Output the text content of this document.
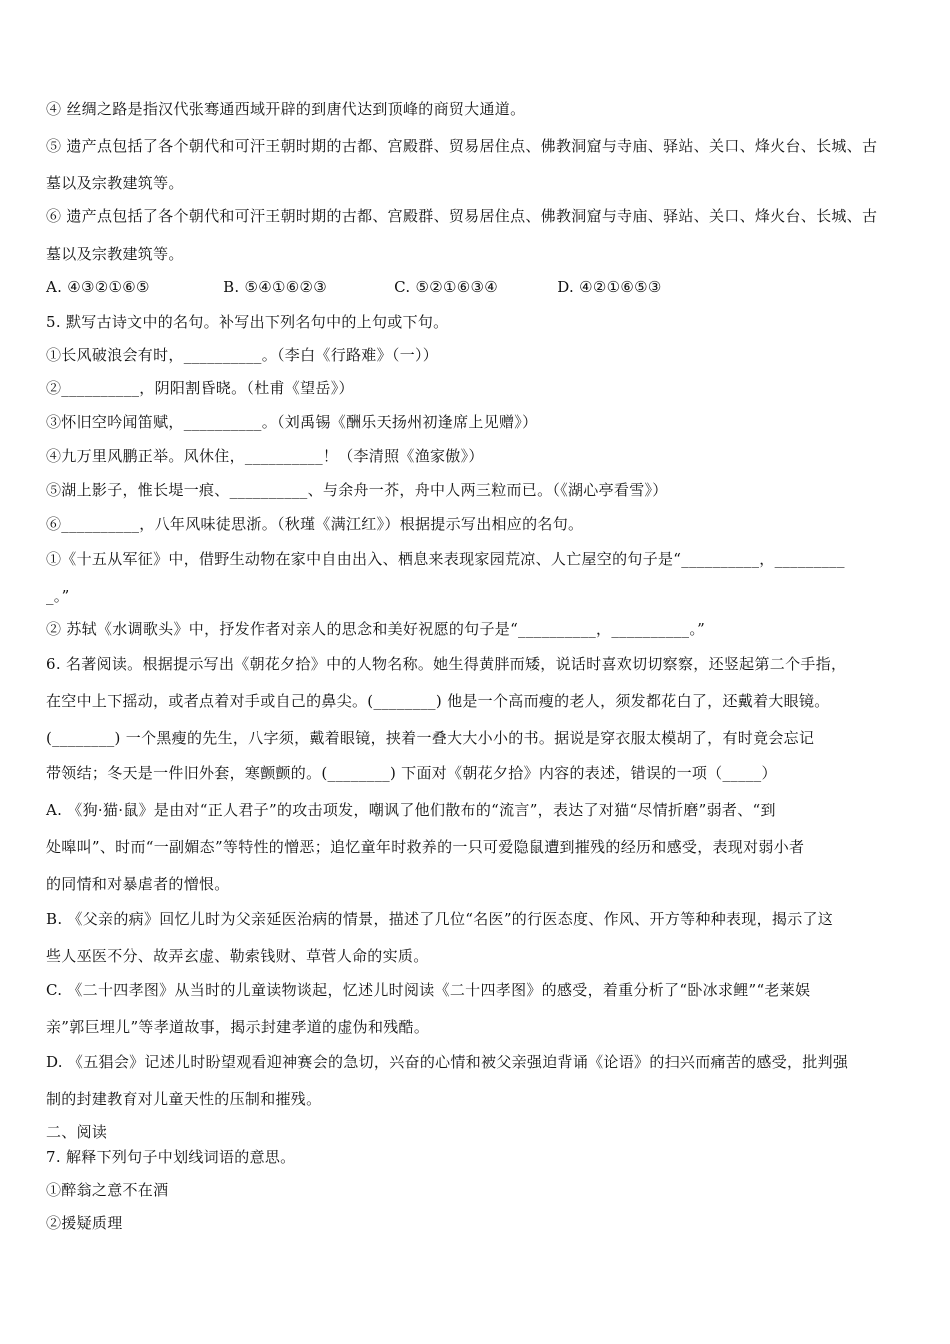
④ 丝绸之路是指汉代张骞通西域开辟的到唐代达到顶峰的商贸大通道。
⑤ 遗产点包括了各个朝代和可汗王朝时期的古都、宫殿群、贸易居住点、佛教洞窟与寺庙、驿站、关口、烽火台、长城、古
墓以及宗教建筑等。
⑥ 遗产点包括了各个朝代和可汗王朝时期的古都、宫殿群、贸易居住点、佛教洞窟与寺庙、驿站、关口、烽火台、长城、古
墓以及宗教建筑等。
A. ④③②①⑥⑤	B. ⑤④①⑥②③	C. ⑤②①⑥③④	D. ④②①⑥⑤③
5. 默写古诗文中的名句。补写出下列名句中的上句或下句。
①长风破浪会有时，__________。（李白《行路难》（一））
②__________，阴阳割昏晓。（杜甫《望岳》）
③怀旧空吟闻笛赋，__________。（刘禹锡《酬乐天扬州初逢席上见赠》）
④九万里风鹏正举。风休住，__________！（李清照《渔家傲》）
⑤湖上影子，惟长堤一痕、__________、与余舟一芥，舟中人两三粒而已。（《湖心亭看雪》）
⑥__________，八年风味徒思浙。（秋瑾《满江红》）根据提示写出相应的名句。
①《十五从军征》中，借野生动物在家中自由出入、栖息来表现家园荒凉、人亡屋空的句子是“__________，_________
_。”
② 苏轼《水调歌头》中，抒发作者对亲人的思念和美好祝愿的句子是“__________，__________。”
6. 名著阅读。根据提示写出《朝花夕拾》中的人物名称。她生得黄胖而矮，说话时喜欢切切察察，还竖起第二个手指，
在空中上下摇动，或者点着对手或自己的鼻尖。(________) 他是一个高而瘦的老人，须发都花白了，还戴着大眼镜。
(________) 一个黑瘦的先生，八字须，戴着眼镜，挟着一叠大大小小的书。据说是穿衣服太模胡了，有时竟会忘记
带领结；冬天是一件旧外套，寒颤颤的。(________) 下面对《朝花夕拾》内容的表述，错误的一项（_____）
A. 《狗·猫·鼠》是由对“正人君子”的攻击项发，嘲讽了他们散布的“流言”，表达了对猫“尽情折磨”弱者、“到
处嗥叫”、时而“一副媚态”等特性的憎恶；追忆童年时救养的一只可爱隐鼠遭到摧残的经历和感受，表现对弱小者
的同情和对暴虐者的憎恨。
B. 《父亲的病》回忆儿时为父亲延医治病的情景，描述了几位“名医”的行医态度、作风、开方等种种表现，揭示了这
些人巫医不分、故弄玄虚、勒索钱财、草菅人命的实质。
C. 《二十四孝图》从当时的儿童读物谈起，忆述儿时阅读《二十四孝图》的感受，着重分析了“卧冰求鲤”“老莱娱
亲”郭巨埋儿”等孝道故事，揭示封建孝道的虚伪和残酷。
D. 《五猖会》记述儿时盼望观看迎神赛会的急切，兴奋的心情和被父亲强迫背诵《论语》的扫兴而痛苦的感受，批判强
制的封建教育对儿童天性的压制和摧残。
二、阅读
7. 解释下列句子中划线词语的意思。
①醉翁之意不在酒
②援疑质理
